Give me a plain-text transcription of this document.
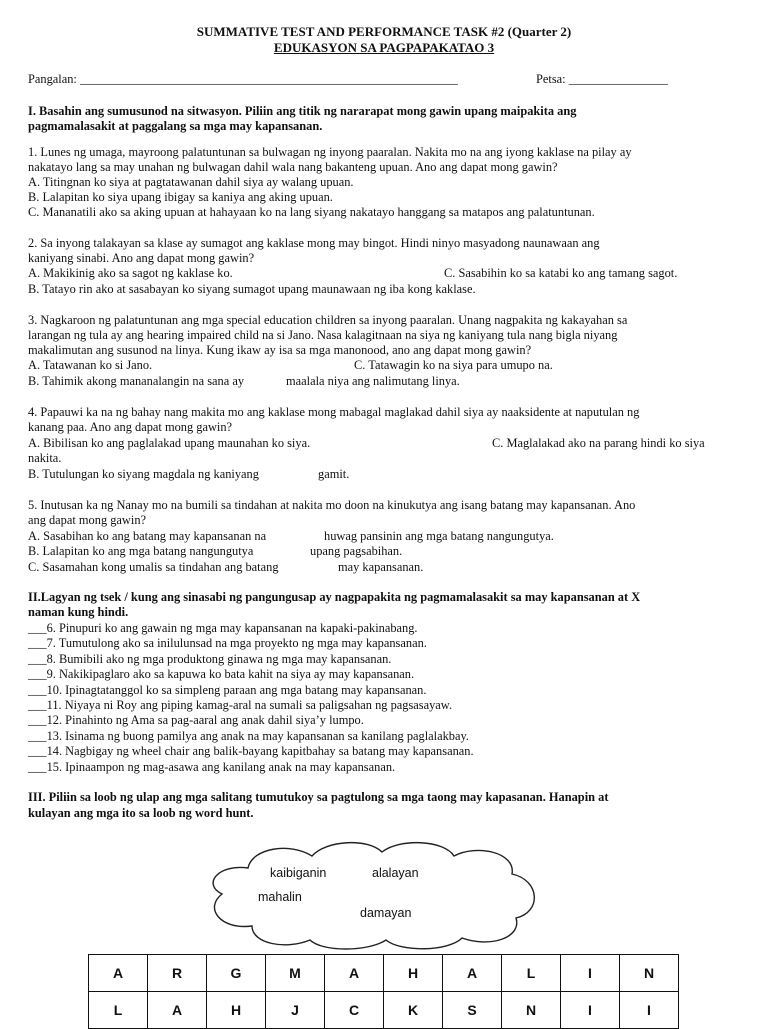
SUMMATIVE TEST AND PERFORMANCE TASK #2 (Quarter 2)
EDUKASYON SA PAGPAPAKATAO 3
Pangalan: _____________________________________________________________	Petsa: ________________
I. Basahin ang sumusunod na sitwasyon. Piliin ang titik ng nararapat mong gawin upang maipakita ang
pagmamalasakit at paggalang sa mga may kapansanan.
1. Lunes ng umaga, mayroong palatuntunan sa bulwagan ng inyong paaralan. Nakita mo na ang iyong kaklase na pilay ay
nakatayo lang sa may unahan ng bulwagan dahil wala nang bakanteng upuan. Ano ang dapat mong gawin?
A. Titingnan ko siya at pagtatawanan dahil siya ay walang upuan.
B. Lalapitan ko siya upang ibigay sa kaniya ang aking upuan.
C. Mananatili ako sa aking upuan at hahayaan ko na lang siyang nakatayo hanggang sa matapos ang palatuntunan.
2. Sa inyong talakayan sa klase ay sumagot ang kaklase mong may bingot. Hindi ninyo masyadong naunawaan ang
kaniyang sinabi. Ano ang dapat mong gawin?
A. Makikinig ako sa sagot ng kaklase ko.	C. Sasabihin ko sa katabi ko ang tamang sagot.
B. Tatayo rin ako at sasabayan ko siyang sumagot upang maunawaan ng iba kong kaklase.
3. Nagkaroon ng palatuntunan ang mga special education children sa inyong paaralan. Unang nagpakita ng kakayahan sa
larangan ng tula ay ang hearing impaired child na si Jano. Nasa kalagitnaan na siya ng kaniyang tula nang bigla niyang
makalimutan ang susunod na linya. Kung ikaw ay isa sa mga manonood, ano ang dapat mong gawin?
A. Tatawanan ko si Jano.	C. Tatawagin ko na siya para umupo na.
B. Tahimik akong mananalangin na sana ay	maalala niya ang nalimutang linya.
4. Papauwi ka na ng bahay nang makita mo ang kaklase mong mabagal maglakad dahil siya ay naaksidente at naputulan ng
kanang paa. Ano ang dapat mong gawin?
A. Bibilisan ko ang paglalakad upang maunahan ko siya.	C. Maglalakad ako na parang hindi ko siya
nakita.
B. Tutulungan ko siyang magdala ng kaniyang	gamit.
5. Inutusan ka ng Nanay mo na bumili sa tindahan at nakita mo doon na kinukutya ang isang batang may kapansanan. Ano
ang dapat mong gawin?
A. Sasabihan ko ang batang may kapansanan na	huwag pansinin ang mga batang nangungutya.
B. Lalapitan ko ang mga batang nangungutya	upang pagsabihan.
C. Sasamahan kong umalis sa tindahan ang batang	may kapansanan.
II.Lagyan ng tsek / kung ang sinasabi ng pangungusap ay nagpapakita ng pagmamalasakit sa may kapansanan at X
naman kung hindi.
___6. Pinupuri ko ang gawain ng mga may kapansanan na kapaki-pakinabang.
___7. Tumutulong ako sa inilulunsad na mga proyekto ng mga may kapansanan.
___8. Bumibili ako ng mga produktong ginawa ng mga may kapansanan.
___9. Nakikipaglaro ako sa kapuwa ko bata kahit na siya ay may kapansanan.
___10. Ipinagtatanggol ko sa simpleng paraan ang mga batang may kapansanan.
___11. Niyaya ni Roy ang piping kamag-aral na sumali sa paligsahan ng pagsasayaw.
___12. Pinahinto ng Ama sa pag-aaral ang anak dahil siya’y lumpo.
___13. Isinama ng buong pamilya ang anak na may kapansanan sa kanilang paglalakbay.
___14. Nagbigay ng wheel chair ang balik-bayang kapitbahay sa batang may kapansanan.
___15. Ipinaampon ng mag-asawa ang kanilang anak na may kapansanan.
III. Piliin sa loob ng ulap ang mga salitang tumutukoy sa pagtulong sa mga taong may kapasanan. Hanapin at
kulayan ang mga ito sa loob ng word hunt.
kaibiganin	alalayan
mahalin
damayan
A	R	G	M	A	H	A	L	I	N
L	A	H	J	C	K	S	N	I	I
